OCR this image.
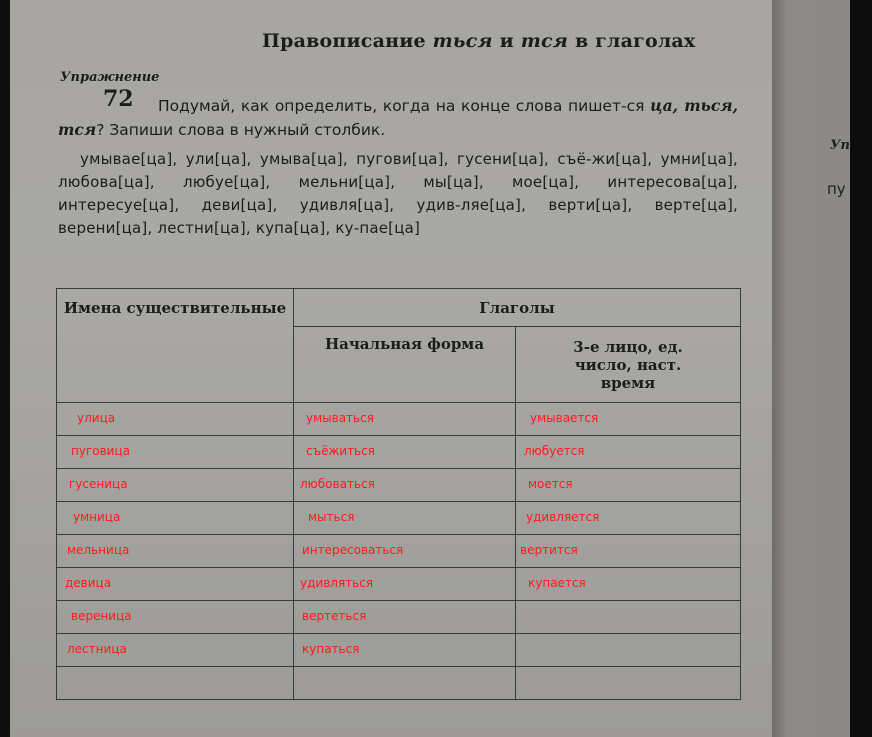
Правописание ться и тся в глаголах
Упражнение
72	Подумай, как определить, когда на конце слова пишет-ся ца, ться, тся? Запиши слова в нужный столбик.
умывае[ца], ули[ца], умыва[ца], пугови[ца], гусени[ца], съё-жи[ца], умни[ца], любова[ца], любуе[ца], мельни[ца], мы[ца], мое[ца], интересова[ца], интересуе[ца], деви[ца], удивля[ца], удив-ляе[ца], верти[ца], верте[ца], верени[ца], лестни[ца], купа[ца], ку-пае[ца]
Имена существительные	Глаголы	
	Начальная форма	3-е лицо, ед. число, наст. время

улица	умываться	умывается

пуговица	съёжиться	любуется

гусеница	любоваться	моется

умница	мыться	удивляется

мельница	интересоваться	вертится

девица	удивляться	купается

вереница	вертеться	

лестница	купаться	

Уп
пу
